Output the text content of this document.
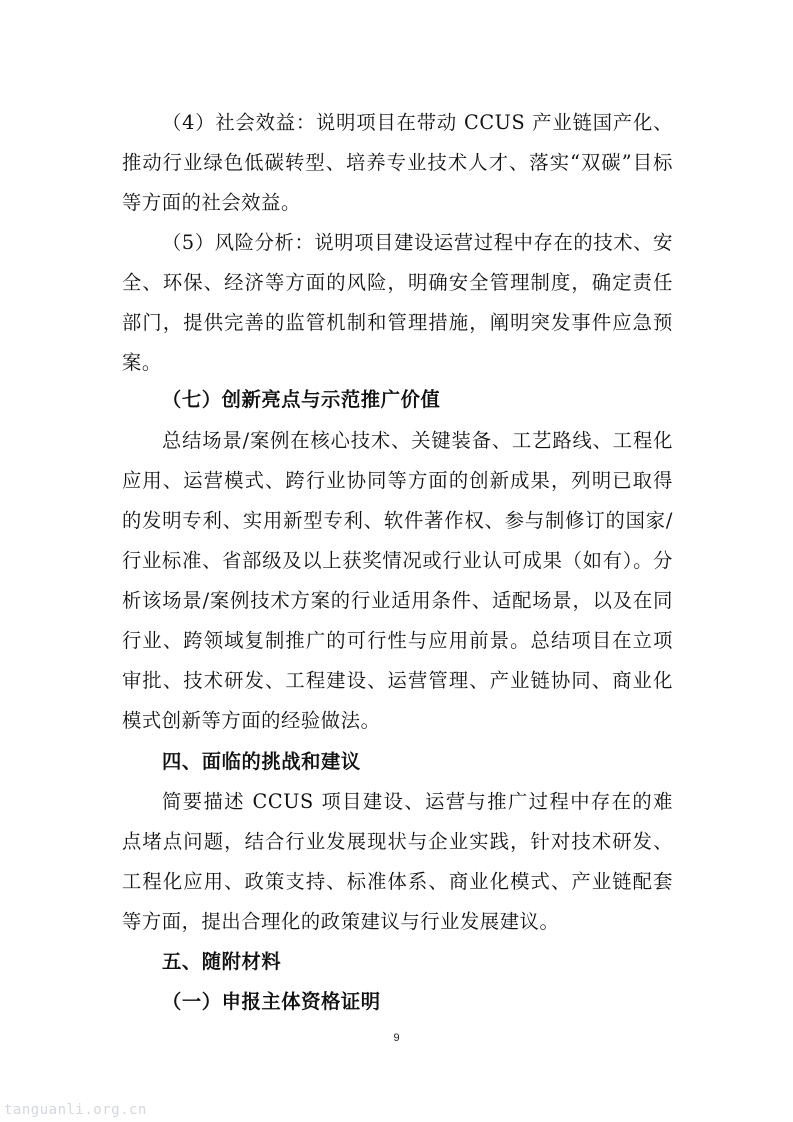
（4）社会效益：说明项目在带动 CCUS 产业链国产化、推动行业绿色低碳转型、培养专业技术人才、落实“双碳”目标等方面的社会效益。

（5）风险分析：说明项目建设运营过程中存在的技术、安全、环保、经济等方面的风险，明确安全管理制度，确定责任部门，提供完善的监管机制和管理措施，阐明突发事件应急预案。

（七）创新亮点与示范推广价值

总结场景/案例在核心技术、关键装备、工艺路线、工程化应用、运营模式、跨行业协同等方面的创新成果，列明已取得的发明专利、实用新型专利、软件著作权、参与制修订的国家/行业标准、省部级及以上获奖情况或行业认可成果（如有）。分析该场景/案例技术方案的行业适用条件、适配场景，以及在同行业、跨领域复制推广的可行性与应用前景。总结项目在立项审批、技术研发、工程建设、运营管理、产业链协同、商业化模式创新等方面的经验做法。

四、面临的挑战和建议

简要描述 CCUS 项目建设、运营与推广过程中存在的难点堵点问题，结合行业发展现状与企业实践，针对技术研发、工程化应用、政策支持、标准体系、商业化模式、产业链配套等方面，提出合理化的政策建议与行业发展建议。

五、随附材料

（一）申报主体资格证明

9
tanguanli.org.cn
